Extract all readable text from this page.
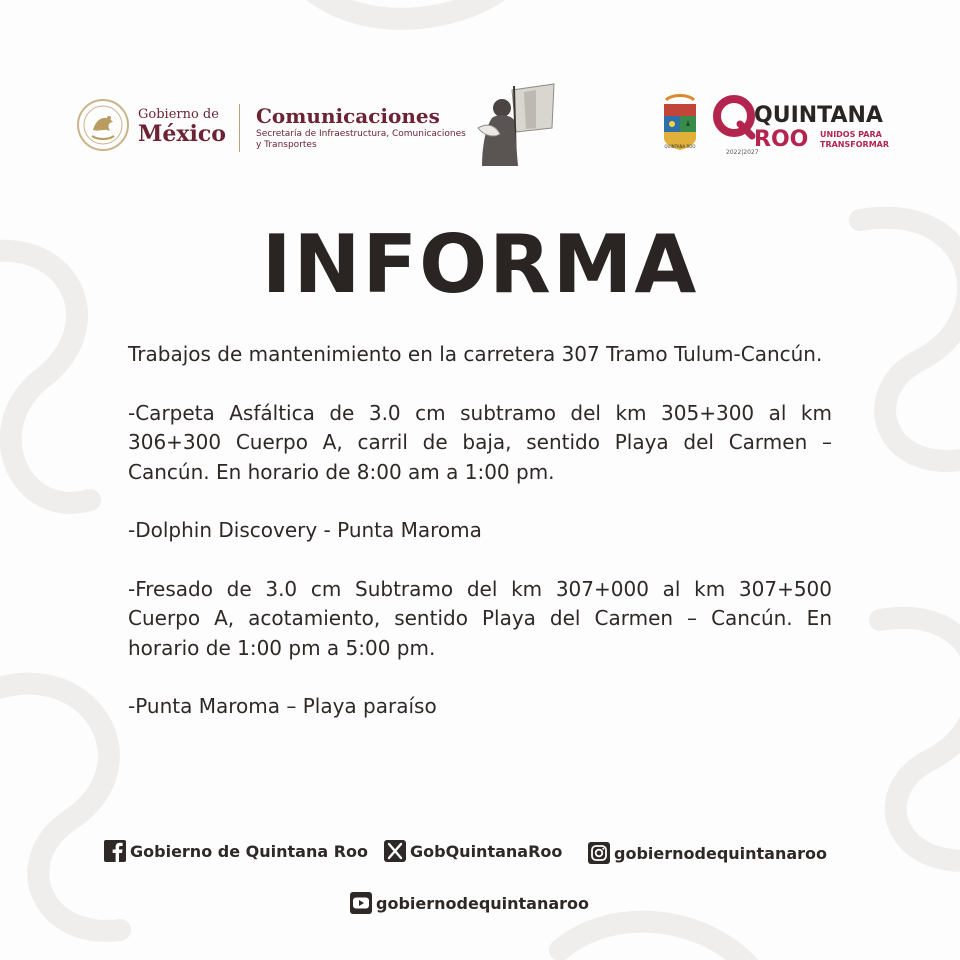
Gobierno de
México
Comunicaciones
Secretaría de Infraestructura, Comunicaciones y Transportes	QUINTANA ROO
QUINTANA
ROO UNIDOS PARA
TRANSFORMAR
2022|2027
INFORMA

Trabajos de mantenimiento en la carretera 307 Tramo Tulum-Cancún.

-Carpeta Asfáltica de 3.0 cm subtramo del km 305+300 al km 306+300 Cuerpo A, carril de baja, sentido Playa del Carmen – Cancún. En horario de 8:00 am a 1:00 pm.

-Dolphin Discovery - Punta Maroma

-Fresado de 3.0 cm Subtramo del km 307+000 al km 307+500 Cuerpo A, acotamiento, sentido Playa del Carmen – Cancún. En horario de 1:00 pm a 5:00 pm.

-Punta Maroma – Playa paraíso

Gobierno de Quintana Roo	GobQuintanaRoo	gobiernodequintanaroo
gobiernodequintanaroo
